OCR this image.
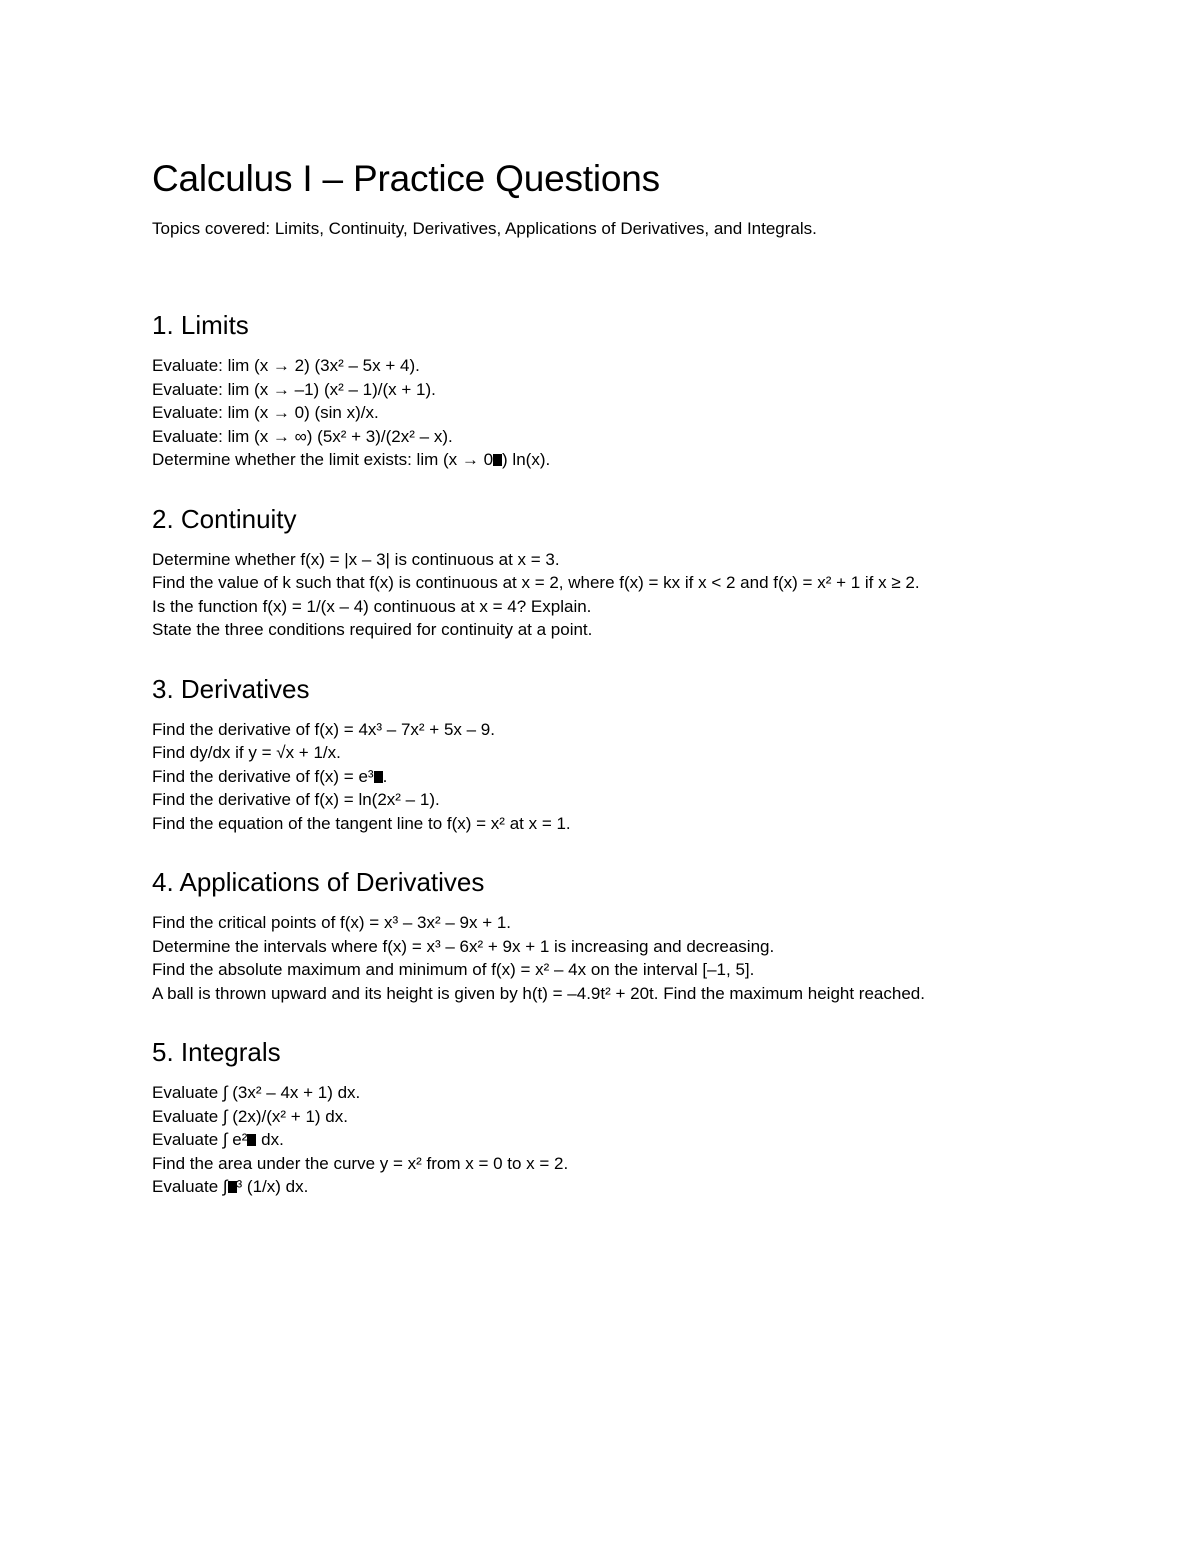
Calculus I – Practice Questions

Topics covered: Limits, Continuity, Derivatives, Applications of Derivatives, and Integrals.

1. Limits
Evaluate: lim (x → 2) (3x² – 5x + 4).
Evaluate: lim (x → –1) (x² – 1)/(x + 1).
Evaluate: lim (x → 0) (sin x)/x.
Evaluate: lim (x → ∞) (5x² + 3)/(2x² – x).
Determine whether the limit exists: lim (x → 0 ) ln(x).
2. Continuity
Determine whether f(x) = |x – 3| is continuous at x = 3.
Find the value of k such that f(x) is continuous at x = 2, where f(x) = kx if x < 2 and f(x) = x² + 1 if x ≥ 2.
Is the function f(x) = 1/(x – 4) continuous at x = 4? Explain.
State the three conditions required for continuity at a point.
3. Derivatives
Find the derivative of f(x) = 4x³ – 7x² + 5x – 9.
Find dy/dx if y = √x + 1/x.
Find the derivative of f(x) = e³ .
Find the derivative of f(x) = ln(2x² – 1).
Find the equation of the tangent line to f(x) = x² at x = 1.
4. Applications of Derivatives
Find the critical points of f(x) = x³ – 3x² – 9x + 1.
Determine the intervals where f(x) = x³ – 6x² + 9x + 1 is increasing and decreasing.
Find the absolute maximum and minimum of f(x) = x² – 4x on the interval [–1, 5].
A ball is thrown upward and its height is given by h(t) = –4.9t² + 20t. Find the maximum height reached.
5. Integrals
Evaluate ∫ (3x² – 4x + 1) dx.
Evaluate ∫ (2x)/(x² + 1) dx.
Evaluate ∫ e² dx.
Find the area under the curve y = x² from x = 0 to x = 2.
Evaluate ∫ ³ (1/x) dx.
